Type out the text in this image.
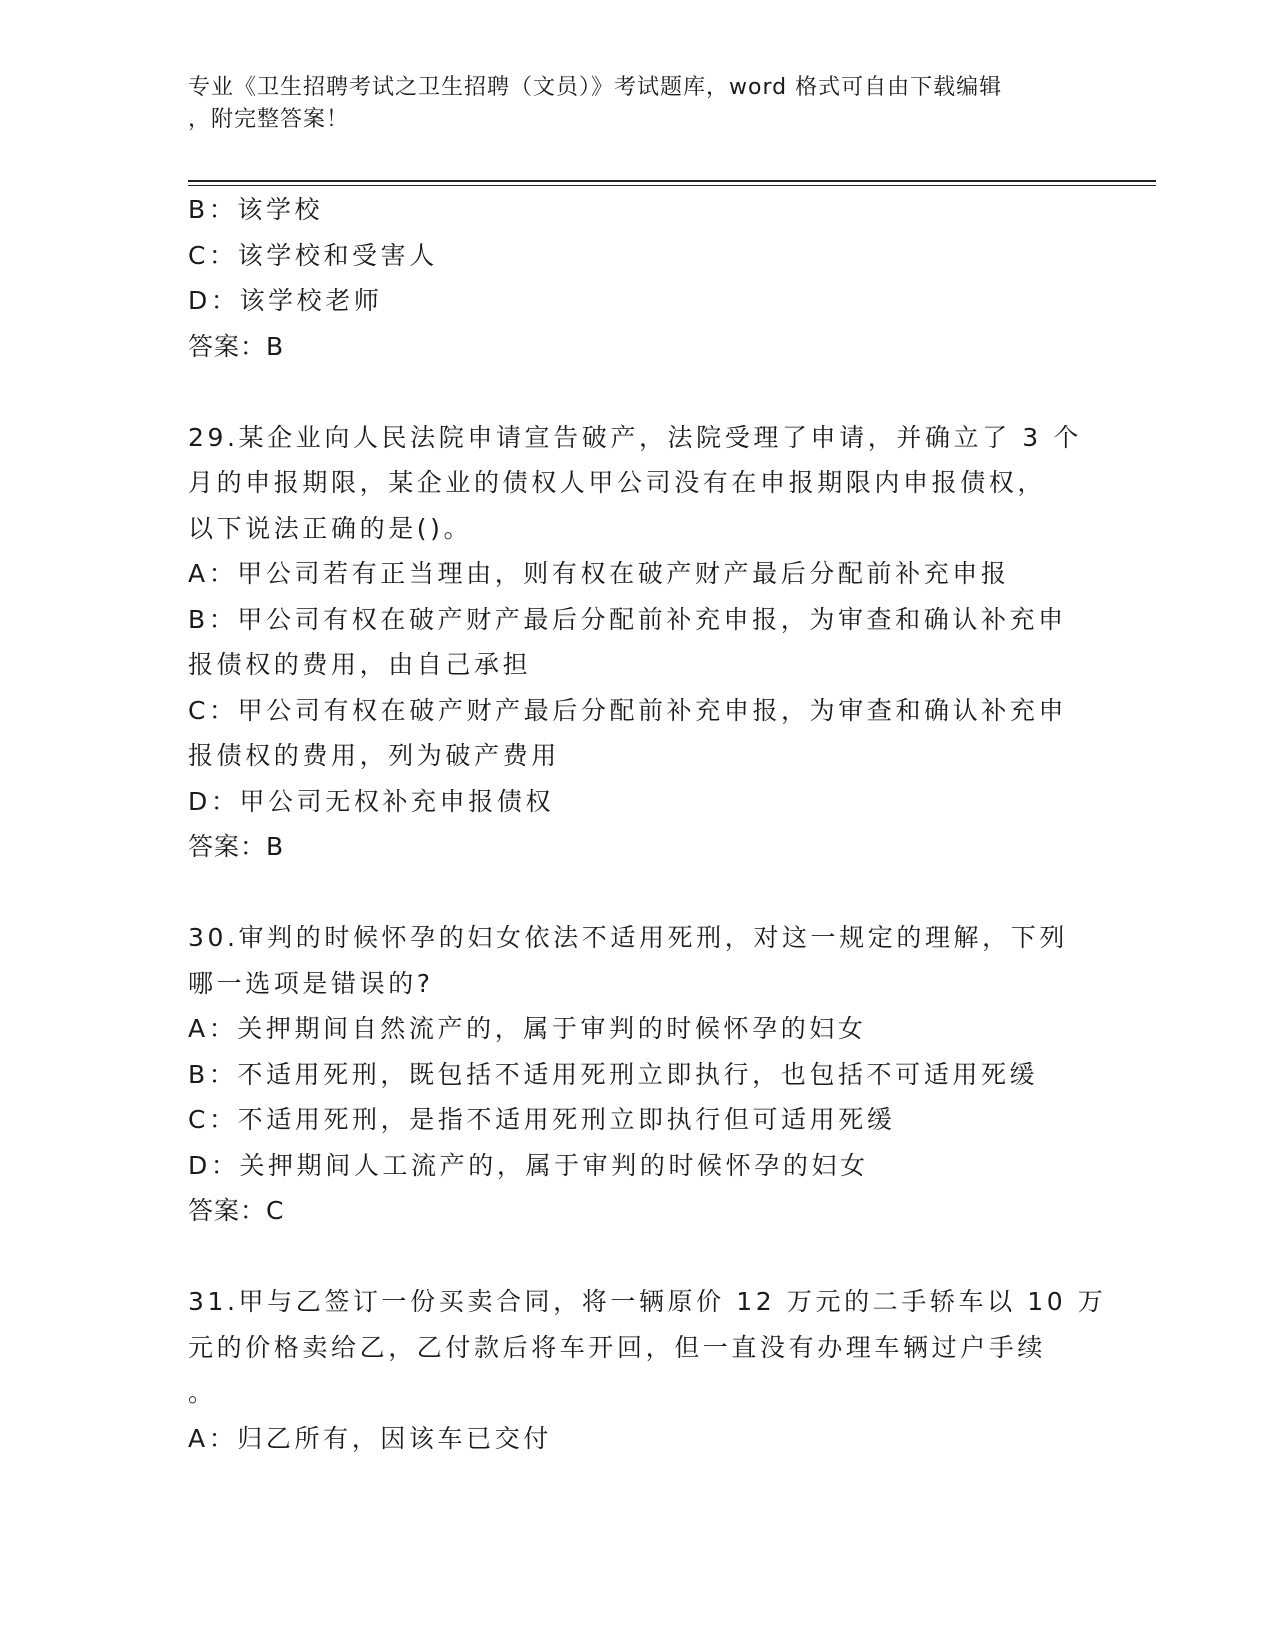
专业《卫生招聘考试之卫生招聘（文员）》考试题库，word 格式可自由下载编辑
，附完整答案！
B：该学校
C：该学校和受害人
D：该学校老师
答案：B
29.某企业向人民法院申请宣告破产，法院受理了申请，并确立了 3 个
月的申报期限，某企业的债权人甲公司没有在申报期限内申报债权，
以下说法正确的是()。
A：甲公司若有正当理由，则有权在破产财产最后分配前补充申报
B：甲公司有权在破产财产最后分配前补充申报，为审查和确认补充申
报债权的费用，由自己承担
C：甲公司有权在破产财产最后分配前补充申报，为审查和确认补充申
报债权的费用，列为破产费用
D：甲公司无权补充申报债权
答案：B
30.审判的时候怀孕的妇女依法不适用死刑，对这一规定的理解，下列
哪一选项是错误的?
A：关押期间自然流产的，属于审判的时候怀孕的妇女
B：不适用死刑，既包括不适用死刑立即执行，也包括不可适用死缓
C：不适用死刑，是指不适用死刑立即执行但可适用死缓
D：关押期间人工流产的，属于审判的时候怀孕的妇女
答案：C
31.甲与乙签订一份买卖合同，将一辆原价 12 万元的二手轿车以 10 万
元的价格卖给乙，乙付款后将车开回，但一直没有办理车辆过户手续
。
A：归乙所有，因该车已交付
